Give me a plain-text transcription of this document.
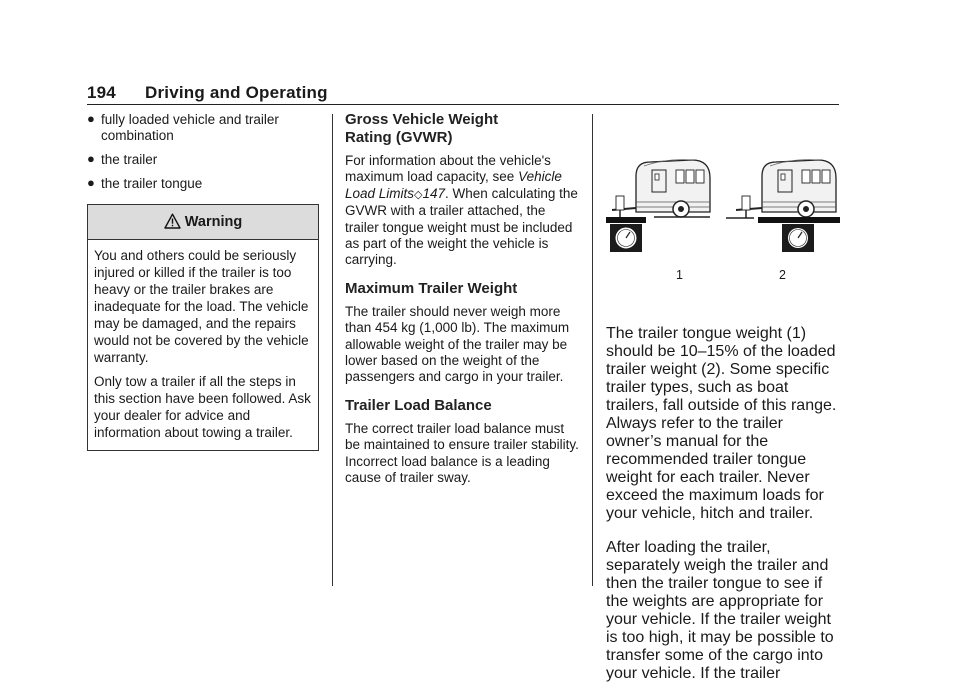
194 Driving and Operating
● fully loaded vehicle and trailer combination
● the trailer
● the trailer tongue
Warning

You and others could be seriously injured or killed if the trailer is too heavy or the trailer brakes are inadequate for the load. The vehicle may be damaged, and the repairs would not be covered by the vehicle warranty.

Only tow a trailer if all the steps in this section have been followed. Ask your dealer for advice and information about towing a trailer.

Gross Vehicle Weight
Rating (GVWR)

For information about the vehicle's maximum load capacity, see Vehicle Load Limits◇147. When calculating the GVWR with a trailer attached, the trailer tongue weight must be included as part of the weight the vehicle is carrying.

Maximum Trailer Weight

The trailer should never weigh more than 454 kg (1,000 lb). The maximum allowable weight of the trailer may be lower based on the weight of the passengers and cargo in your trailer.

Trailer Load Balance

The correct trailer load balance must be maintained to ensure trailer stability. Incorrect load balance is a leading cause of trailer sway.

1	2

The trailer tongue weight (1) should be 10–15% of the loaded trailer weight (2). Some specific trailer types, such as boat trailers, fall outside of this range. Always refer to the trailer owner’s manual for the recommended trailer tongue weight for each trailer. Never exceed the maximum loads for your vehicle, hitch and trailer.

After loading the trailer, separately weigh the trailer and then the trailer tongue to see if the weights are appropriate for your vehicle. If the trailer weight is too high, it may be possible to transfer some of the cargo into your vehicle. If the trailer
